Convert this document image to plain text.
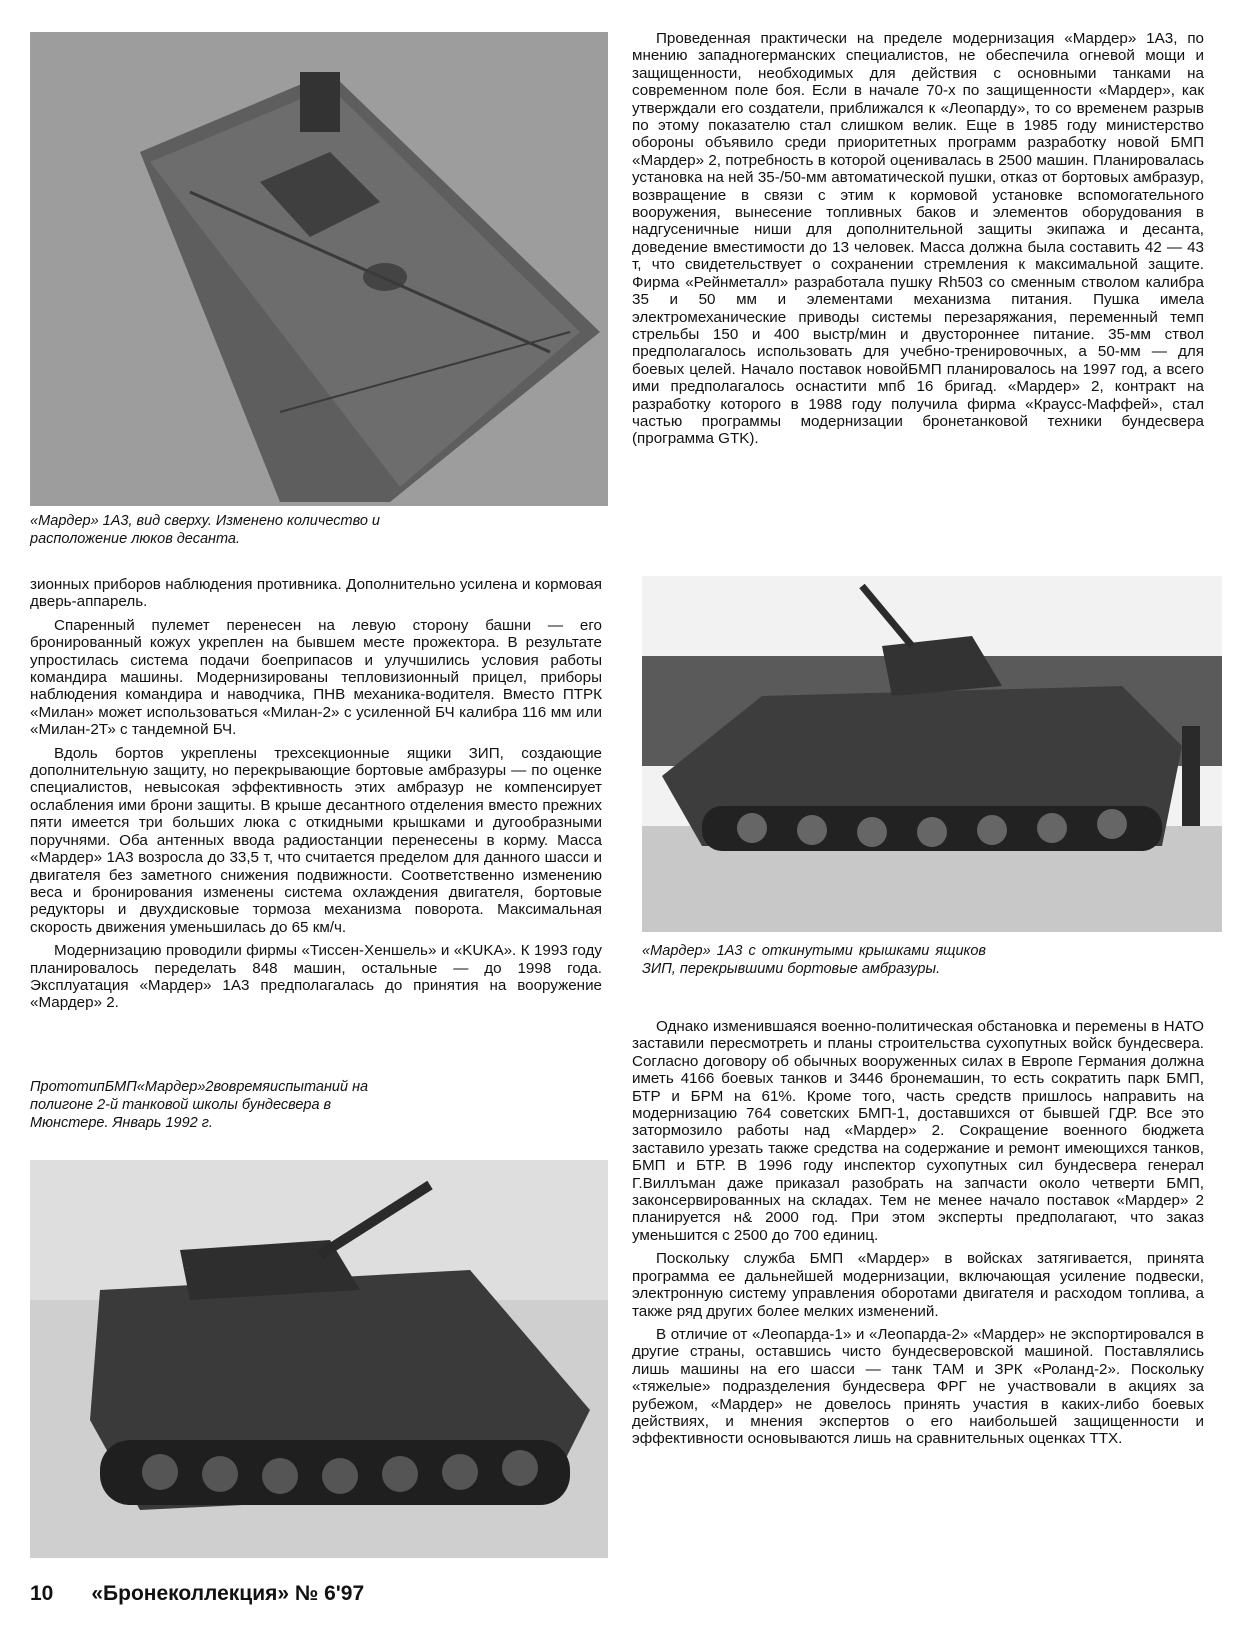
«Мардер» 1А3, вид сверху. Изменено количество и расположение люков десанта.

Проведенная практически на пределе модернизация «Мардер» 1А3, по мнению западногерманских специалистов, не обеспечила огневой мощи и защищенности, необходимых для действия с основными танками на современном поле боя. Если в начале 70-х по защищенности «Мардер», как утверждали его создатели, приближался к «Леопарду», то со временем разрыв по этому показателю стал слишком велик. Еще в 1985 году министерство обороны объявило среди приоритетных программ разработку новой БМП «Мардер» 2, потребность в которой оценивалась в 2500 машин. Планировалась установка на ней 35-/50-мм автоматической пушки, отказ от бортовых амбразур, возвращение в связи с этим к кормовой установке вспомогательного вооружения, вынесение топливных баков и элементов оборудования в надгусеничные ниши для дополнительной защиты экипажа и десанта, доведение вместимости до 13 человек. Масса должна была составить 42 — 43 т, что свидетельствует о сохранении стремления к максимальной защите. Фирма «Рейнметалл» разработала пушку Rh503 со сменным стволом калибра 35 и 50 мм и элементами механизма питания. Пушка имела электромеханические приводы системы перезаряжания, переменный темп стрельбы 150 и 400 выстр/мин и двустороннее питание. 35-мм ствол предполагалось использовать для учебно-тренировочных, а 50-мм — для боевых целей. Начало поставок новойБМП планировалось на 1997 год, а всего ими предполагалось оснастити мпб 16 бригад. «Мардер» 2, контракт на разработку которого в 1988 году получила фирма «Краусс-Маффей», стал частью программы модернизации бронетанковой техники бундесвера (программа GTK).

зионных приборов наблюдения противника. Дополнительно усилена и кормовая дверь-аппарель.

Спаренный пулемет перенесен на левую сторону башни — его бронированный кожух укреплен на бывшем месте прожектора. В результате упростилась система подачи боеприпасов и улучшились условия работы командира машины. Модернизированы тепловизионный прицел, приборы наблюдения командира и наводчика, ПНВ механика-водителя. Вместо ПТРК «Милан» может использоваться «Милан-2» с усиленной БЧ калибра 116 мм или «Милан-2Т» с тандемной БЧ.

Вдоль бортов укреплены трехсекционные ящики ЗИП, создающие дополнительную защиту, но перекрывающие бортовые амбразуры — по оценке специалистов, невысокая эффективность этих амбразур не компенсирует ослабления ими брони защиты. В крыше десантного отделения вместо прежних пяти имеется три больших люка с откидными крышками и дугообразными поручнями. Оба антенных ввода радиостанции перенесены в корму. Масса «Мардер» 1А3 возросла до 33,5 т, что считается пределом для данного шасси и двигателя без заметного снижения подвижности. Соответственно изменению веса и бронирования изменены система охлаждения двигателя, бортовые редукторы и двухдисковые тормоза механизма поворота. Максимальная скорость движения уменьшилась до 65 км/ч.

Модернизацию проводили фирмы «Тиссен-Хеншель» и «KUKA». К 1993 году планировалось переделать 848 машин, остальные — до 1998 года. Эксплуатация «Мардер» 1А3 предполагалась до принятия на вооружение «Мардер» 2.

ПрототипБМП«Мардер»2вовремяиспытаний на полигоне 2-й танковой школы бундесвера в Мюнстере. Январь 1992 г.

«Мардер» 1А3 с откинутыми крышками ящиков ЗИП, перекрывшими бортовые амбразуры.

Однако изменившаяся военно-политическая обстановка и перемены в НАТО заставили пересмотреть и планы строительства сухопутных войск бундесвера. Согласно договору об обычных вооруженных силах в Европе Германия должна иметь 4166 боевых танков и 3446 бронемашин, то есть сократить парк БМП, БТР и БРМ на 61%. Кроме того, часть средств пришлось направить на модернизацию 764 советских БМП-1, доставшихся от бывшей ГДР. Все это затормозило работы над «Мардер» 2. Сокращение военного бюджета заставило урезать также средства на содержание и ремонт имеющихся танков, БМП и БТР. В 1996 году инспектор сухопутных сил бундесвера генерал Г.Виллъман даже приказал разобрать на запчасти около четверти БМП, законсервированных на складах. Тем не менее начало поставок «Мардер» 2 планируется н& 2000 год. При этом эксперты предполагают, что заказ уменьшится с 2500 до 700 единиц.

Поскольку служба БМП «Мардер» в войсках затягивается, принята программа ее дальнейшей модернизации, включающая усиление подвески, электронную систему управления оборотами двигателя и расходом топлива, а также ряд других более мелких изменений.

В отличие от «Леопарда-1» и «Леопарда-2» «Мардер» не экспортировался в другие страны, оставшись чисто бундесверовской машиной. Поставлялись лишь машины на его шасси — танк ТАМ и ЗРК «Роланд-2». Поскольку «тяжелые» подразделения бундесвера ФРГ не участвовали в акциях за рубежом, «Мардер» не довелось принять участия в каких-либо боевых действиях, и мнения экспертов о его наибольшей защищенности и эффективности основываются лишь на сравнительных оценках ТТХ.

10 «Бронеколлекция» № 6'97
